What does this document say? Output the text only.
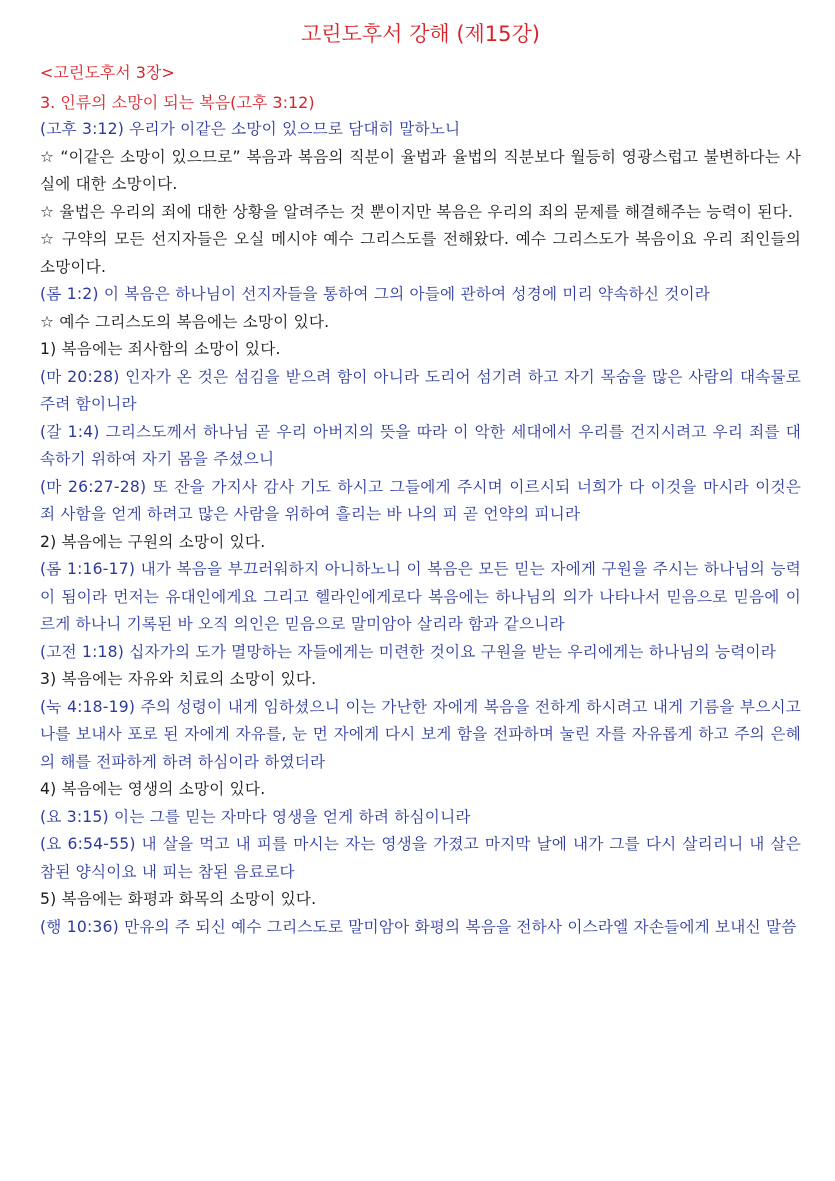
고린도후서 강해 (제15강)
<고린도후서 3장>
3. 인류의 소망이 되는 복음(고후 3:12)
(고후 3:12) 우리가 이같은 소망이 있으므로 담대히 말하노니
☆ “이같은 소망이 있으므로” 복음과 복음의 직분이 율법과 율법의 직분보다 월등히 영광스럽고 불변하다는 사실에 대한 소망이다.
☆ 율법은 우리의 죄에 대한 상황을 알려주는 것 뿐이지만 복음은 우리의 죄의 문제를 해결해주는 능력이 된다.
☆ 구약의 모든 선지자들은 오실 메시야 예수 그리스도를 전해왔다. 예수 그리스도가 복음이요 우리 죄인들의 소망이다.
(롬 1:2) 이 복음은 하나님이 선지자들을 통하여 그의 아들에 관하여 성경에 미리 약속하신 것이라
☆ 예수 그리스도의 복음에는 소망이 있다.
1) 복음에는 죄사함의 소망이 있다.
(마 20:28) 인자가 온 것은 섬김을 받으려 함이 아니라 도리어 섬기려 하고 자기 목숨을 많은 사람의 대속물로 주려 함이니라
(갈 1:4) 그리스도께서 하나님 곧 우리 아버지의 뜻을 따라 이 악한 세대에서 우리를 건지시려고 우리 죄를 대속하기 위하여 자기 몸을 주셨으니
(마 26:27-28) 또 잔을 가지사 감사 기도 하시고 그들에게 주시며 이르시되 너희가 다 이것을 마시라 이것은 죄 사함을 얻게 하려고 많은 사람을 위하여 흘리는 바 나의 피 곧 언약의 피니라
2) 복음에는 구원의 소망이 있다.
(롬 1:16-17) 내가 복음을 부끄러워하지 아니하노니 이 복음은 모든 믿는 자에게 구원을 주시는 하나님의 능력이 됨이라 먼저는 유대인에게요 그리고 헬라인에게로다 복음에는 하나님의 의가 나타나서 믿음으로 믿음에 이르게 하나니 기록된 바 오직 의인은 믿음으로 말미암아 살리라 함과 같으니라
(고전 1:18) 십자가의 도가 멸망하는 자들에게는 미련한 것이요 구원을 받는 우리에게는 하나님의 능력이라
3) 복음에는 자유와 치료의 소망이 있다.
(눅 4:18-19) 주의 성령이 내게 임하셨으니 이는 가난한 자에게 복음을 전하게 하시려고 내게 기름을 부으시고 나를 보내사 포로 된 자에게 자유를, 눈 먼 자에게 다시 보게 함을 전파하며 눌린 자를 자유롭게 하고 주의 은혜의 해를 전파하게 하려 하심이라 하였더라
4) 복음에는 영생의 소망이 있다.
(요 3:15) 이는 그를 믿는 자마다 영생을 얻게 하려 하심이니라
(요 6:54-55) 내 살을 먹고 내 피를 마시는 자는 영생을 가졌고 마지막 날에 내가 그를 다시 살리리니 내 살은 참된 양식이요 내 피는 참된 음료로다
5) 복음에는 화평과 화목의 소망이 있다.
(행 10:36) 만유의 주 되신 예수 그리스도로 말미암아 화평의 복음을 전하사 이스라엘 자손들에게 보내신 말씀
